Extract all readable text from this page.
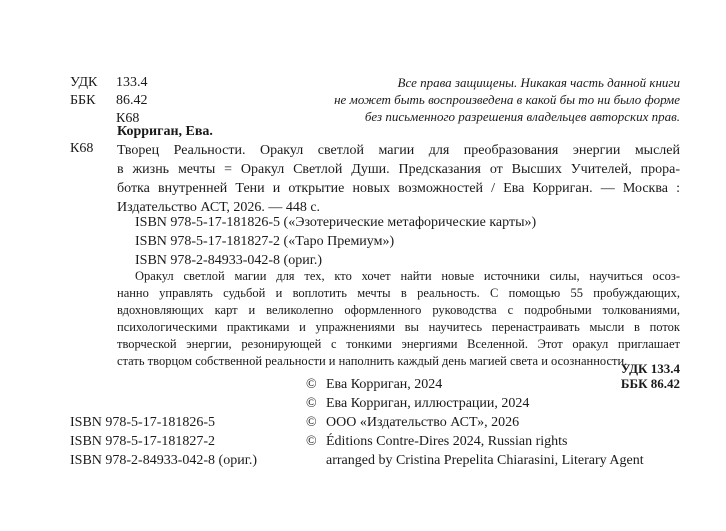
УДК 133.4
ББК 86.42
К68
Все права защищены. Никакая часть данной книги
не может быть воспроизведена в какой бы то ни было форме
без письменного разрешения владельцев авторских прав.
Корриган, Ева.
К68 Творец Реальности. Оракул светлой магии для преобразования энергии мыслей
в жизнь мечты = Оракул Светлой Души. Предсказания от Высших Учителей, прора-
ботка внутренней Тени и открытие новых возможностей / Ева Корриган. — Москва :
Издательство АСТ, 2026. — 448 с.
ISBN 978-5-17-181826-5 («Эзотерические метафорические карты»)
ISBN 978-5-17-181827-2 («Таро Премиум»)
ISBN 978-2-84933-042-8 (ориг.)
Оракул светлой магии для тех, кто хочет найти новые источники силы, научиться осоз-
нанно управлять судьбой и воплотить мечты в реальность. С помощью 55 пробуждающих,
вдохновляющих карт и великолепно оформленного руководства с подробными толкованиями,
психологическими практиками и упражнениями вы научитесь перенастраивать мысли в поток
творческой энергии, резонирующей с тонкими энергиями Вселенной. Этот оракул приглашает
стать творцом собственной реальности и наполнить каждый день магией света и осознанности.
УДК 133.4
ББК 86.42
© Ева Корриган, 2024
© Ева Корриган, иллюстрации, 2024
© ООО «Издательство АСТ», 2026
© Éditions Contre-Dires 2024, Russian rights
arranged by Cristina Prepelita Chiarasini, Literary Agent
ISBN 978-5-17-181826-5
ISBN 978-5-17-181827-2
ISBN 978-2-84933-042-8 (ориг.)
